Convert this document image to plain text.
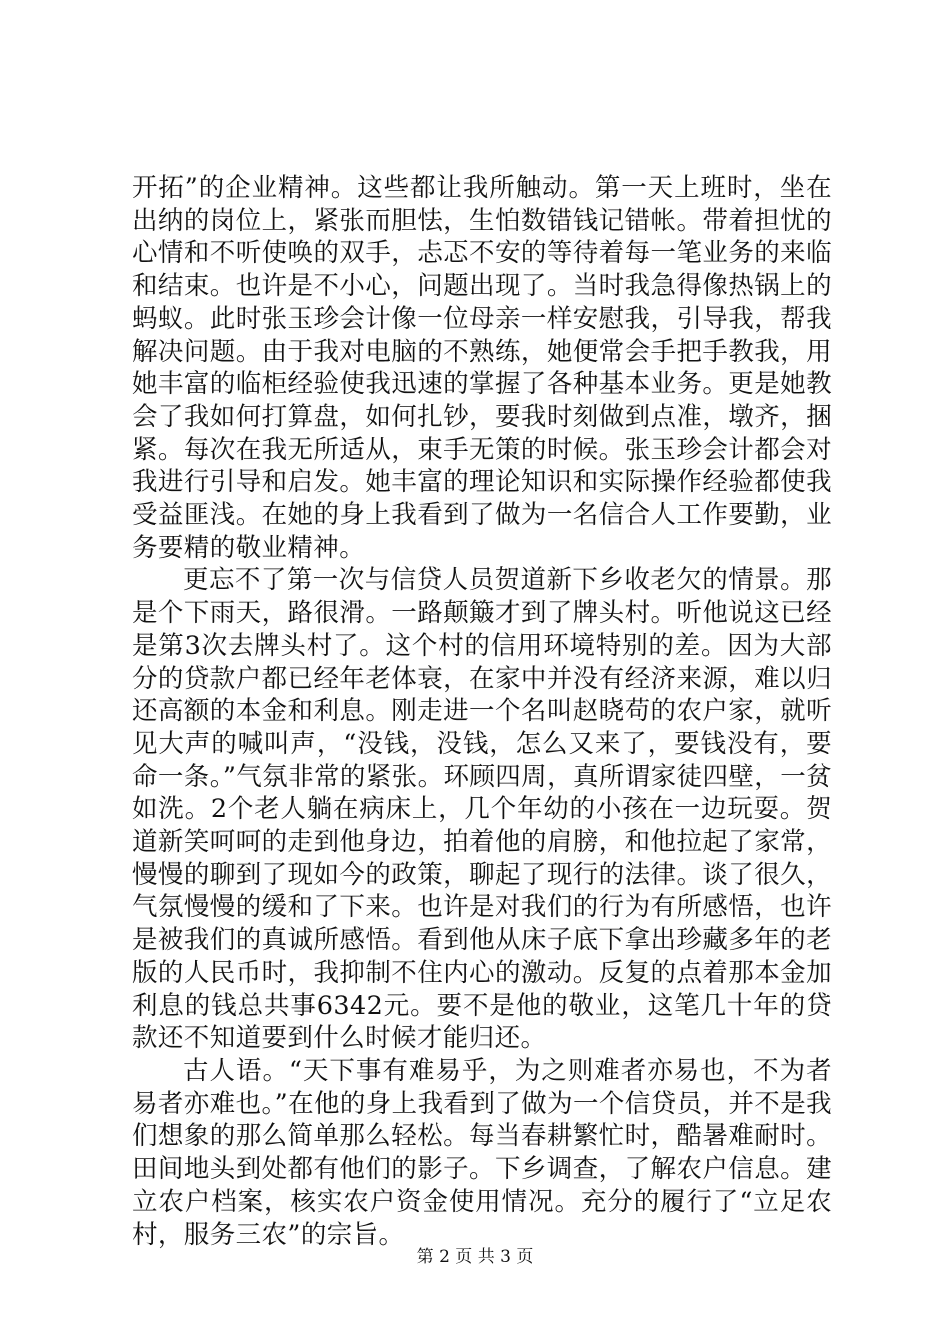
开拓”的企业精神。这些都让我所触动。第一天上班时，坐在出纳的岗位上，紧张而胆怯，生怕数错钱记错帐。带着担忧的心情和不听使唤的双手，忐忑不安的等待着每一笔业务的来临和结束。也许是不小心，问题出现了。当时我急得像热锅上的蚂蚁。此时张玉珍会计像一位母亲一样安慰我，引导我，帮我解决问题。由于我对电脑的不熟练，她便常会手把手教我，用她丰富的临柜经验使我迅速的掌握了各种基本业务。更是她教会了我如何打算盘，如何扎钞，要我时刻做到点准，墩齐，捆紧。每次在我无所适从，束手无策的时候。张玉珍会计都会对我进行引导和启发。她丰富的理论知识和实际操作经验都使我受益匪浅。在她的身上我看到了做为一名信合人工作要勤，业务要精的敬业精神。

更忘不了第一次与信贷人员贺道新下乡收老欠的情景。那是个下雨天，路很滑。一路颠簸才到了牌头村。听他说这已经是第3次去牌头村了。这个村的信用环境特别的差。因为大部分的贷款户都已经年老体衰，在家中并没有经济来源，难以归还高额的本金和利息。刚走进一个名叫赵晓苟的农户家，就听见大声的喊叫声，“没钱，没钱，怎么又来了，要钱没有，要命一条。”气氛非常的紧张。环顾四周，真所谓家徒四壁，一贫如洗。2个老人躺在病床上，几个年幼的小孩在一边玩耍。贺道新笑呵呵的走到他身边，拍着他的肩膀，和他拉起了家常，慢慢的聊到了现如今的政策，聊起了现行的法律。谈了很久，气氛慢慢的缓和了下来。也许是对我们的行为有所感悟，也许是被我们的真诚所感悟。看到他从床子底下拿出珍藏多年的老版的人民币时，我抑制不住内心的激动。反复的点着那本金加利息的钱总共事6342元。要不是他的敬业，这笔几十年的贷款还不知道要到什么时候才能归还。

古人语。“天下事有难易乎，为之则难者亦易也，不为者易者亦难也。”在他的身上我看到了做为一个信贷员，并不是我们想象的那么简单那么轻松。每当春耕繁忙时，酷暑难耐时。田间地头到处都有他们的影子。下乡调查，了解农户信息。建立农户档案，核实农户资金使用情况。充分的履行了“立足农村，服务三农”的宗旨。

第 2 页 共 3 页
